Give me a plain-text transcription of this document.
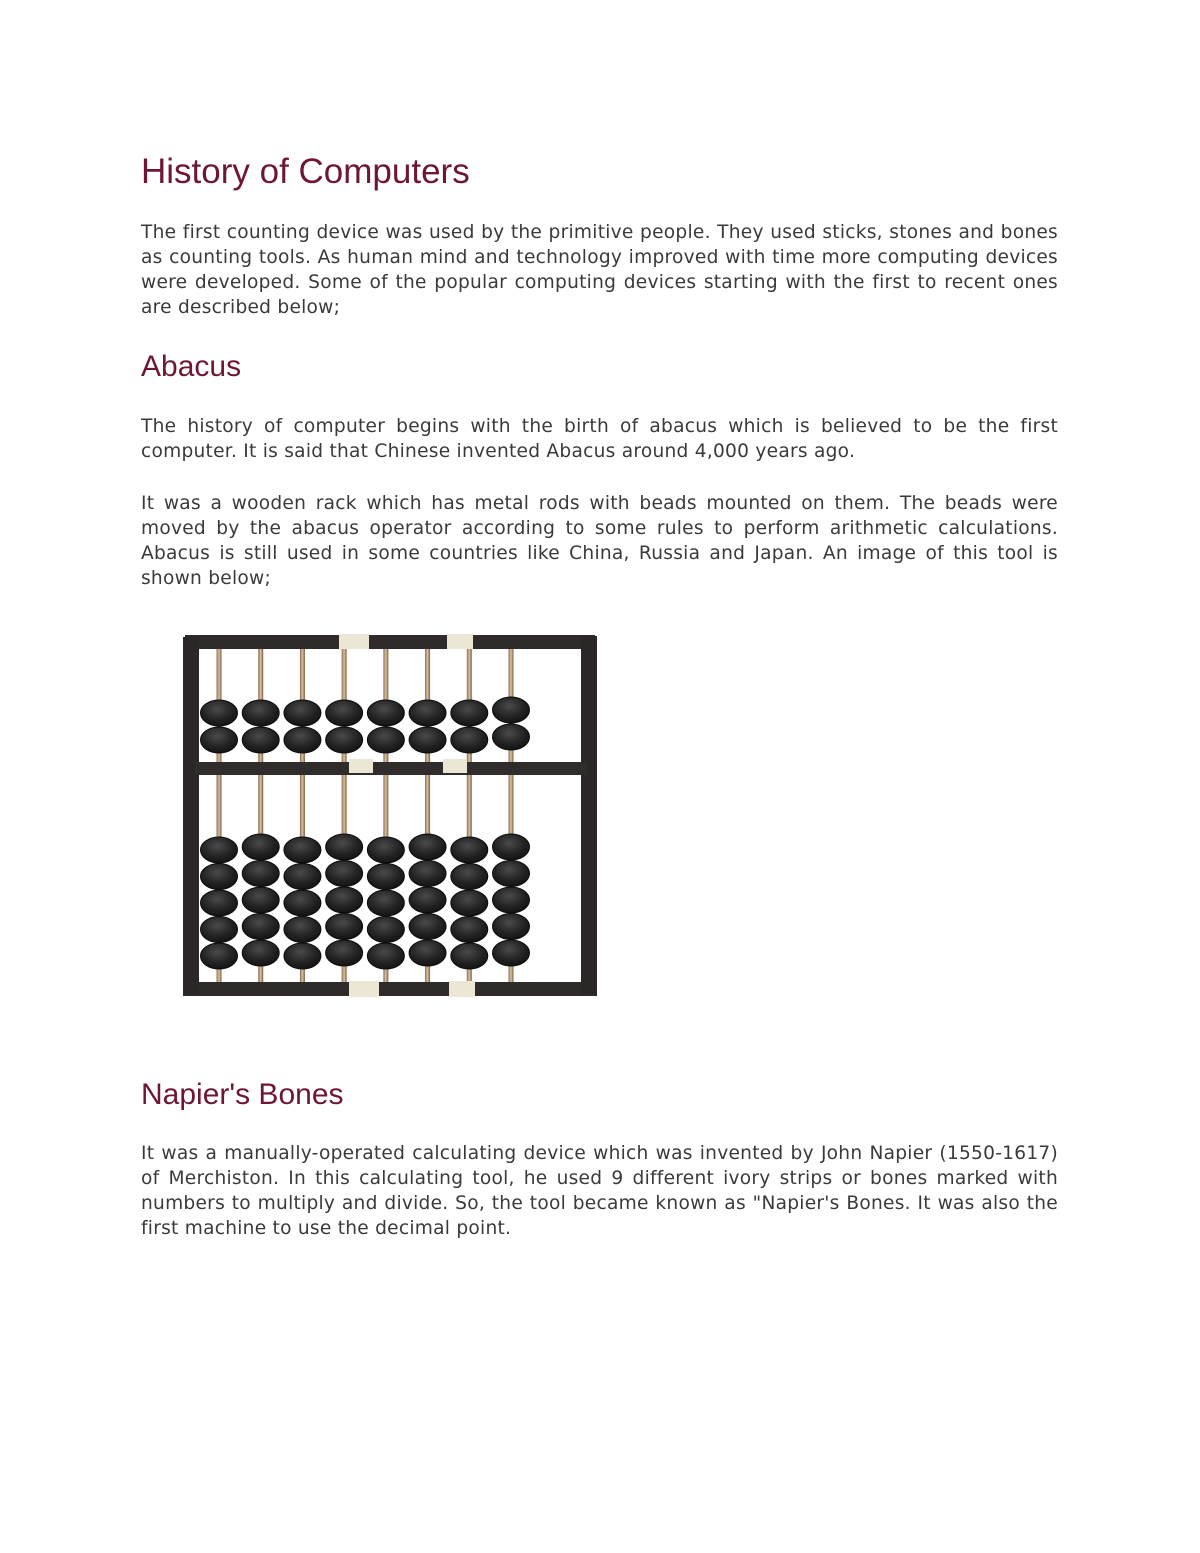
History of Computers

The first counting device was used by the primitive people. They used sticks, stones and bones as counting tools. As human mind and technology improved with time more computing devices were developed. Some of the popular computing devices starting with the first to recent ones are described below;

Abacus

The history of computer begins with the birth of abacus which is believed to be the first computer. It is said that Chinese invented Abacus around 4,000 years ago.

It was a wooden rack which has metal rods with beads mounted on them. The beads were moved by the abacus operator according to some rules to perform arithmetic calculations. Abacus is still used in some countries like China, Russia and Japan. An image of this tool is shown below;

Napier's Bones

It was a manually-operated calculating device which was invented by John Napier (1550-1617) of Merchiston. In this calculating tool, he used 9 different ivory strips or bones marked with numbers to multiply and divide. So, the tool became known as "Napier's Bones. It was also the first machine to use the decimal point.
